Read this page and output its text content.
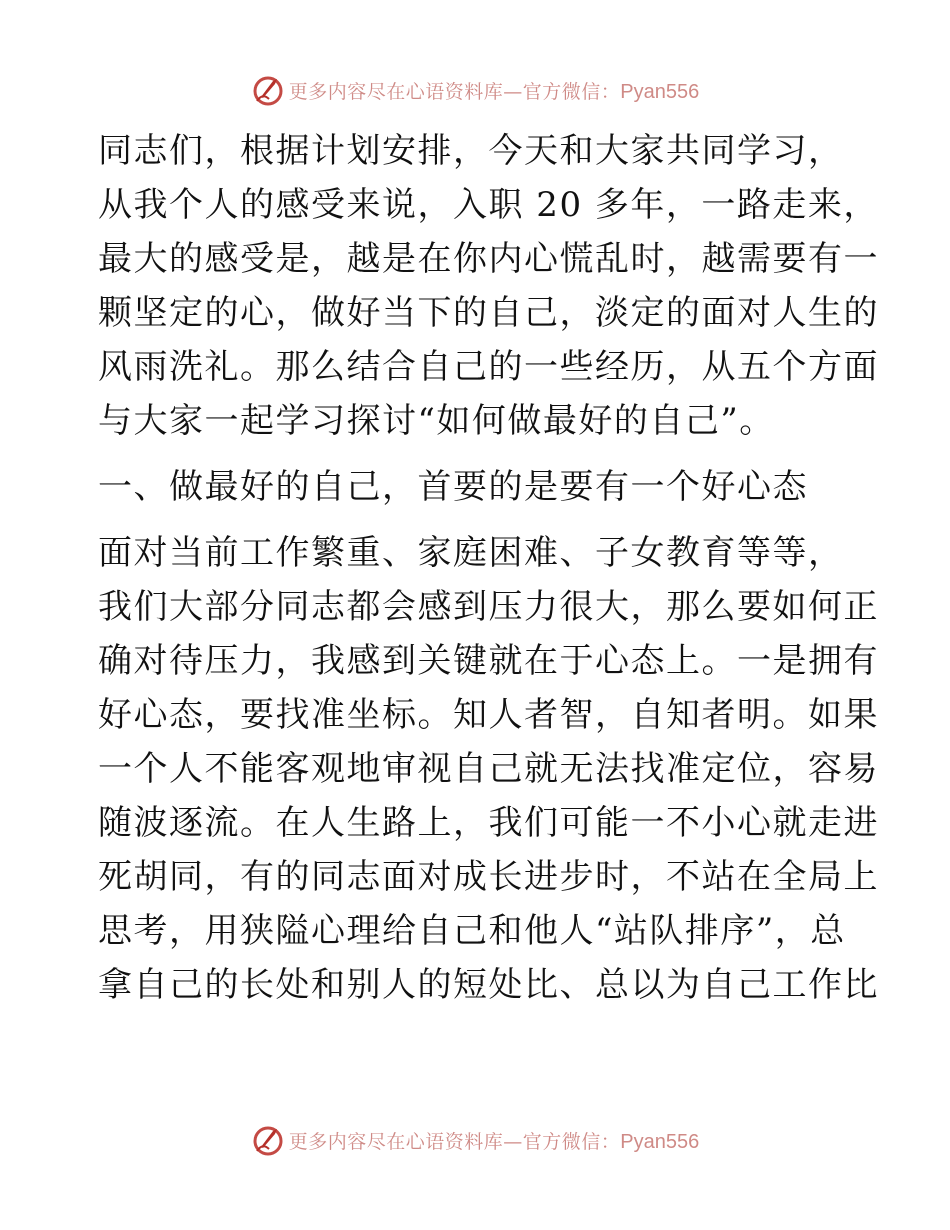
更多内容尽在心语资料库—官方微信：Pyan556
同志们，根据计划安排，今天和大家共同学习，
从我个人的感受来说，入职 20 多年，一路走来，
最大的感受是，越是在你内心慌乱时，越需要有一
颗坚定的心，做好当下的自己，淡定的面对人生的
风雨洗礼。那么结合自己的一些经历，从五个方面
与大家一起学习探讨“如何做最好的自己”。
一、做最好的自己，首要的是要有一个好心态
面对当前工作繁重、家庭困难、子女教育等等，
我们大部分同志都会感到压力很大，那么要如何正
确对待压力，我感到关键就在于心态上。一是拥有
好心态，要找准坐标。知人者智，自知者明。如果
一个人不能客观地审视自己就无法找准定位，容易
随波逐流。在人生路上，我们可能一不小心就走进
死胡同，有的同志面对成长进步时，不站在全局上
思考，用狭隘心理给自己和他人“站队排序”，总
拿自己的长处和别人的短处比、总以为自己工作比
更多内容尽在心语资料库—官方微信：Pyan556
